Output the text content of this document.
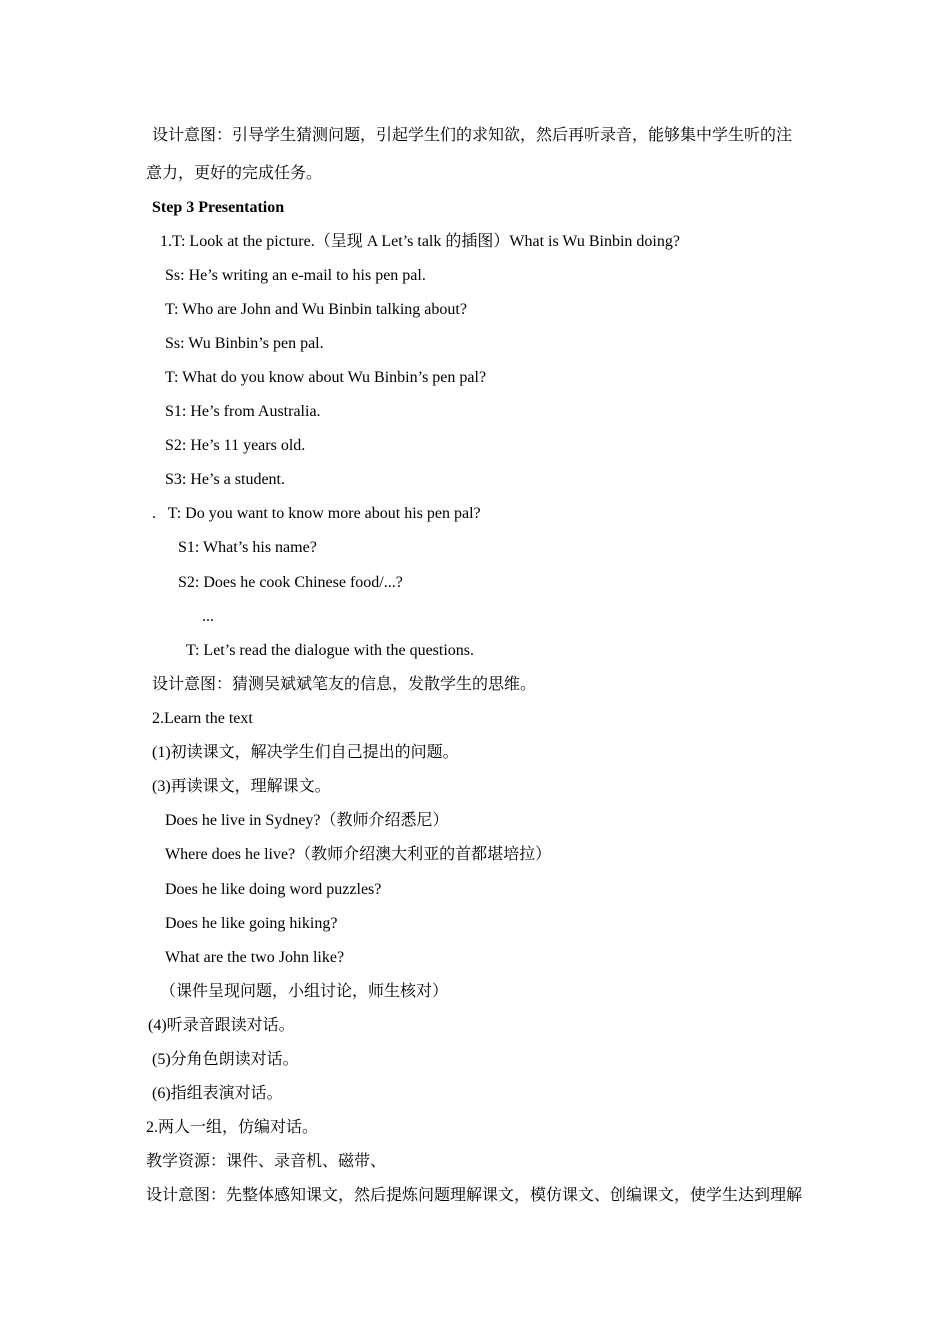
设计意图：引导学生猜测问题，引起学生们的求知欲，然后再听录音，能够集中学生听的注
意力，更好的完成任务。
Step 3 Presentation
1.T: Look at the picture.（呈现 A Let’s talk 的插图）What is Wu Binbin doing?
Ss: He’s writing an e-mail to his pen pal.
T: Who are John and Wu Binbin talking about?
Ss: Wu Binbin’s pen pal.
T: What do you know about Wu Binbin’s pen pal?
S1: He’s from Australia.
S2: He’s 11 years old.
S3: He’s a student.
.   T: Do you want to know more about his pen pal?
S1: What’s his name?
S2: Does he cook Chinese food/...?
...
T: Let’s read the dialogue with the questions.
设计意图：猜测吴斌斌笔友的信息，发散学生的思维。
2.Learn the text
(1)初读课文，解决学生们自己提出的问题。
(3)再读课文，理解课文。
Does he live in Sydney?（教师介绍悉尼）
Where does he live?（教师介绍澳大利亚的首都堪培拉）
Does he like doing word puzzles?
Does he like going hiking?
What are the two John like?
（课件呈现问题，小组讨论，师生核对）
(4)听录音跟读对话。
(5)分角色朗读对话。
(6)指组表演对话。
2.两人一组，仿编对话。
教学资源：课件、录音机、磁带、
设计意图：先整体感知课文，然后提炼问题理解课文，模仿课文、创编课文，使学生达到理解
